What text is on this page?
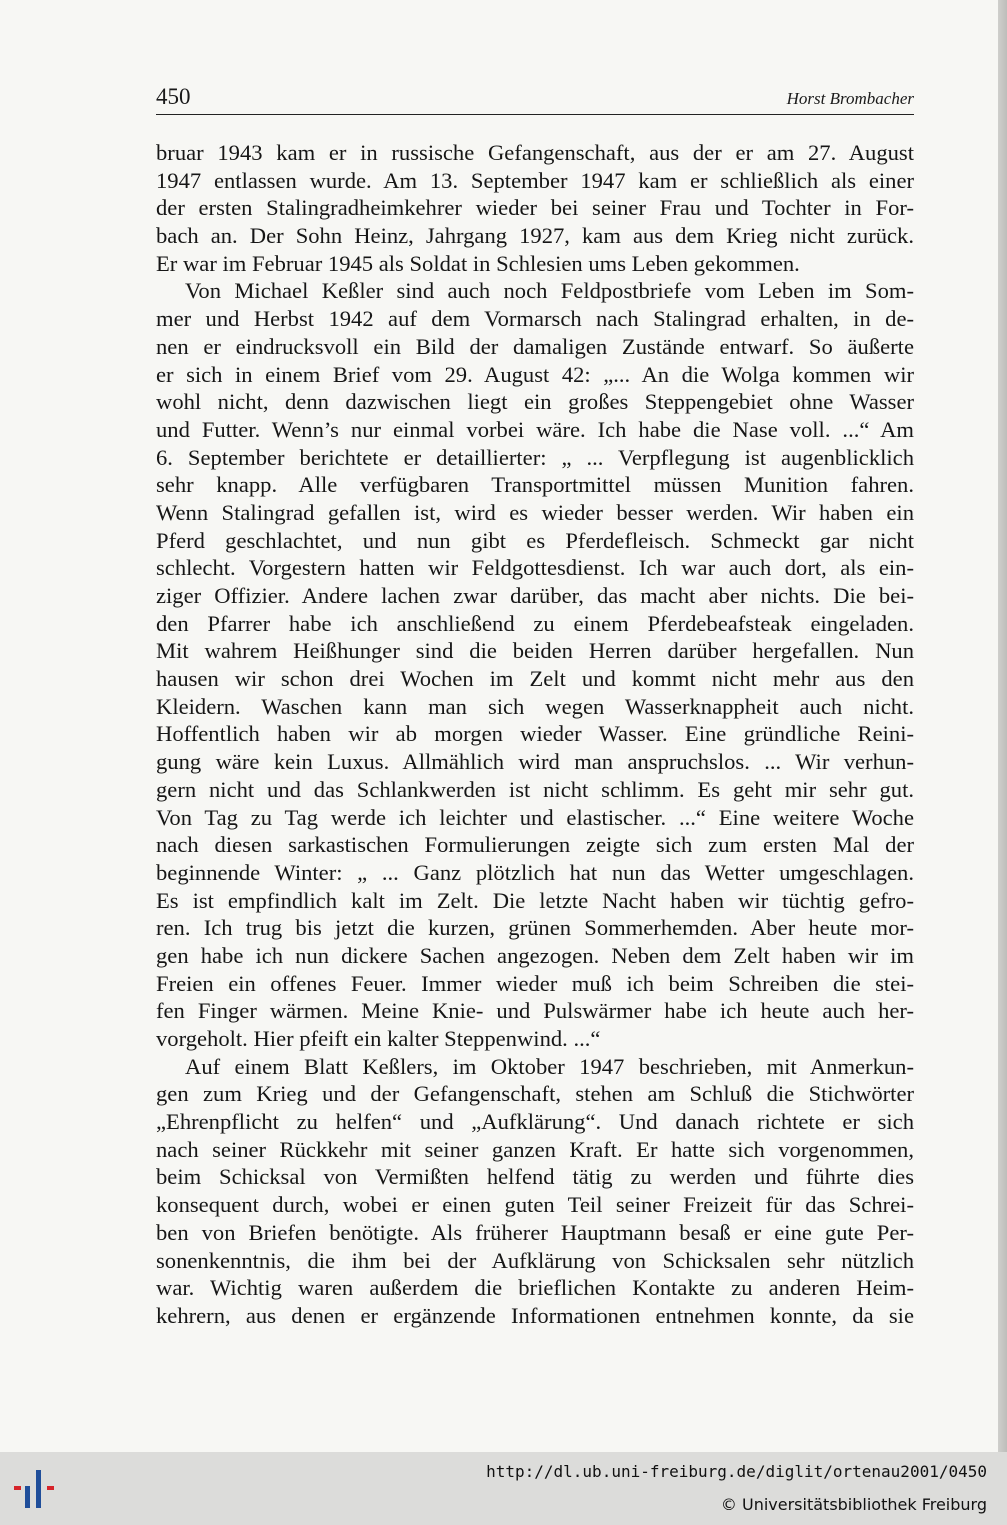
450	Horst Brombacher
bruar 1943 kam er in russische Gefangenschaft, aus der er am 27. August
1947 entlassen wurde. Am 13. September 1947 kam er schließlich als einer
der ersten Stalingradheimkehrer wieder bei seiner Frau und Tochter in For-
bach an. Der Sohn Heinz, Jahrgang 1927, kam aus dem Krieg nicht zurück.
Er war im Februar 1945 als Soldat in Schlesien ums Leben gekommen.
Von Michael Keßler sind auch noch Feldpostbriefe vom Leben im Som-
mer und Herbst 1942 auf dem Vormarsch nach Stalingrad erhalten, in de-
nen er eindrucksvoll ein Bild der damaligen Zustände entwarf. So äußerte
er sich in einem Brief vom 29. August 42: „... An die Wolga kommen wir
wohl nicht, denn dazwischen liegt ein großes Steppengebiet ohne Wasser
und Futter. Wenn’s nur einmal vorbei wäre. Ich habe die Nase voll. ...“ Am
6. September berichtete er detaillierter: „ ... Verpflegung ist augenblicklich
sehr knapp. Alle verfügbaren Transportmittel müssen Munition fahren.
Wenn Stalingrad gefallen ist, wird es wieder besser werden. Wir haben ein
Pferd geschlachtet, und nun gibt es Pferdefleisch. Schmeckt gar nicht
schlecht. Vorgestern hatten wir Feldgottesdienst. Ich war auch dort, als ein-
ziger Offizier. Andere lachen zwar darüber, das macht aber nichts. Die bei-
den Pfarrer habe ich anschließend zu einem Pferdebeafsteak eingeladen.
Mit wahrem Heißhunger sind die beiden Herren darüber hergefallen. Nun
hausen wir schon drei Wochen im Zelt und kommt nicht mehr aus den
Kleidern. Waschen kann man sich wegen Wasserknappheit auch nicht.
Hoffentlich haben wir ab morgen wieder Wasser. Eine gründliche Reini-
gung wäre kein Luxus. Allmählich wird man anspruchslos. ... Wir verhun-
gern nicht und das Schlankwerden ist nicht schlimm. Es geht mir sehr gut.
Von Tag zu Tag werde ich leichter und elastischer. ...“ Eine weitere Woche
nach diesen sarkastischen Formulierungen zeigte sich zum ersten Mal der
beginnende Winter: „ ... Ganz plötzlich hat nun das Wetter umgeschlagen.
Es ist empfindlich kalt im Zelt. Die letzte Nacht haben wir tüchtig gefro-
ren. Ich trug bis jetzt die kurzen, grünen Sommerhemden. Aber heute mor-
gen habe ich nun dickere Sachen angezogen. Neben dem Zelt haben wir im
Freien ein offenes Feuer. Immer wieder muß ich beim Schreiben die stei-
fen Finger wärmen. Meine Knie- und Pulswärmer habe ich heute auch her-
vorgeholt. Hier pfeift ein kalter Steppenwind. ...“
Auf einem Blatt Keßlers, im Oktober 1947 beschrieben, mit Anmerkun-
gen zum Krieg und der Gefangenschaft, stehen am Schluß die Stichwörter
„Ehrenpflicht zu helfen“ und „Aufklärung“. Und danach richtete er sich
nach seiner Rückkehr mit seiner ganzen Kraft. Er hatte sich vorgenommen,
beim Schicksal von Vermißten helfend tätig zu werden und führte dies
konsequent durch, wobei er einen guten Teil seiner Freizeit für das Schrei-
ben von Briefen benötigte. Als früherer Hauptmann besaß er eine gute Per-
sonenkenntnis, die ihm bei der Aufklärung von Schicksalen sehr nützlich
war. Wichtig waren außerdem die brieflichen Kontakte zu anderen Heim-
kehrern, aus denen er ergänzende Informationen entnehmen konnte, da sie
http://dl.ub.uni-freiburg.de/diglit/ortenau2001/0450
© Universitätsbibliothek Freiburg
